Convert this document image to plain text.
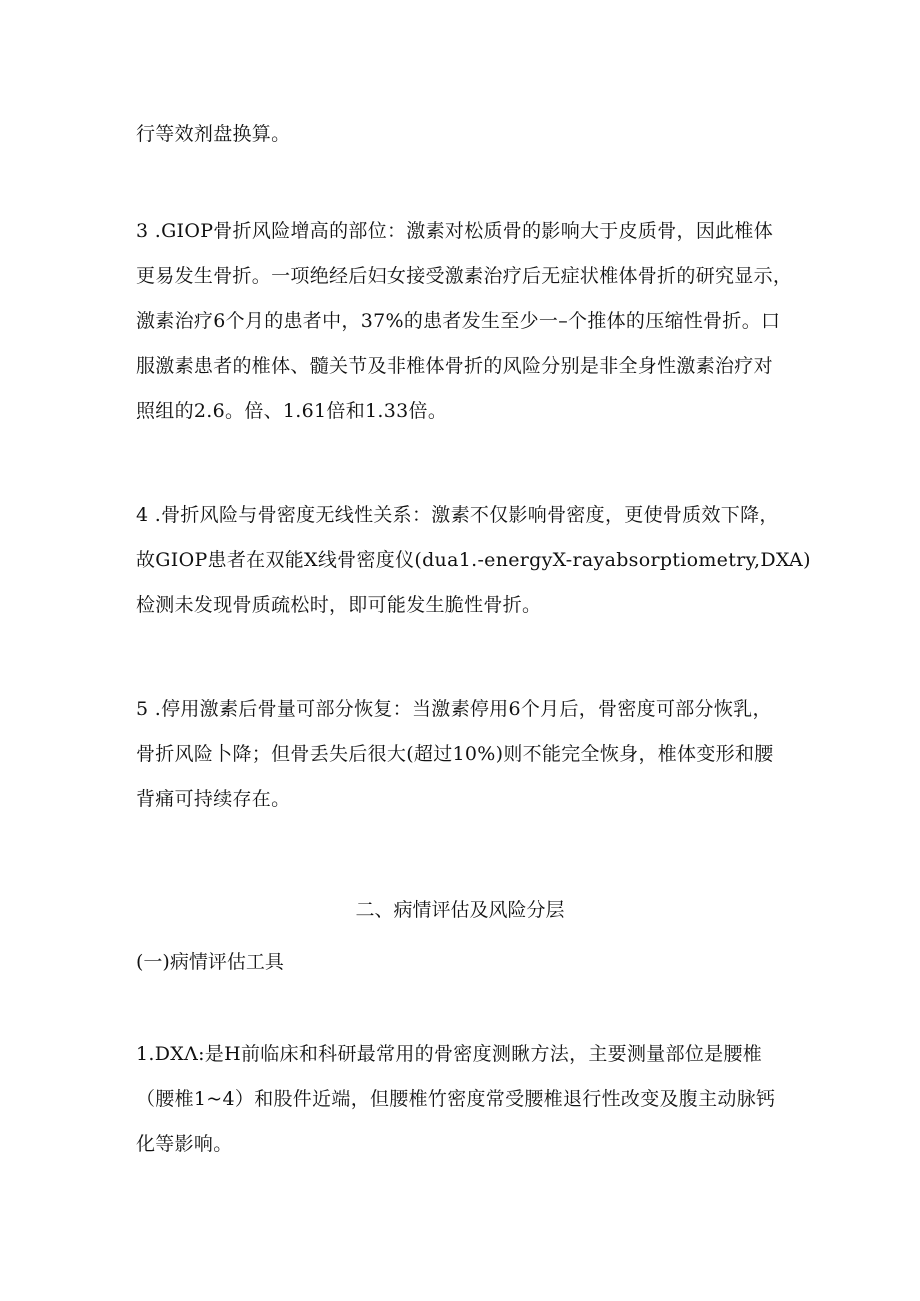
行等效剂盘换算。

3 .GIOP骨折风险增高的部位：激素对松质骨的影响大于皮质骨，因此椎体
更易发生骨折。一项绝经后妇女接受激素治疗后无症状椎体骨折的研究显示，
激素治疗6个月的患者中，37%的患者发生至少一–个推体的压缩性骨折。口
服激素患者的椎体、髓关节及非椎体骨折的风险分别是非全身性激素治疗对
照组的2.6。倍、1.61倍和1.33倍。

4 .骨折风险与骨密度无线性关系：激素不仅影响骨密度，更使骨质效下降，
故GIOP患者在双能X线骨密度仪(dua1.-energyX-rayabsorptiometry,DXA)
检测未发现骨质疏松时，即可能发生脆性骨折。

5 .停用激素后骨量可部分恢复：当激素停用6个月后，骨密度可部分恢乳，
骨折风险卜降；但骨丢失后很大(超过10%)则不能完全恢身，椎体变形和腰
背痛可持续存在。

二、病情评估及风险分层
(一)病情评估工具

1.DXΛ:是H前临床和科研最常用的骨密度测瞅方法，主要测量部位是腰椎
（腰椎1~4）和股件近端，但腰椎竹密度常受腰椎退行性改变及腹主动脉钙
化等影响。
